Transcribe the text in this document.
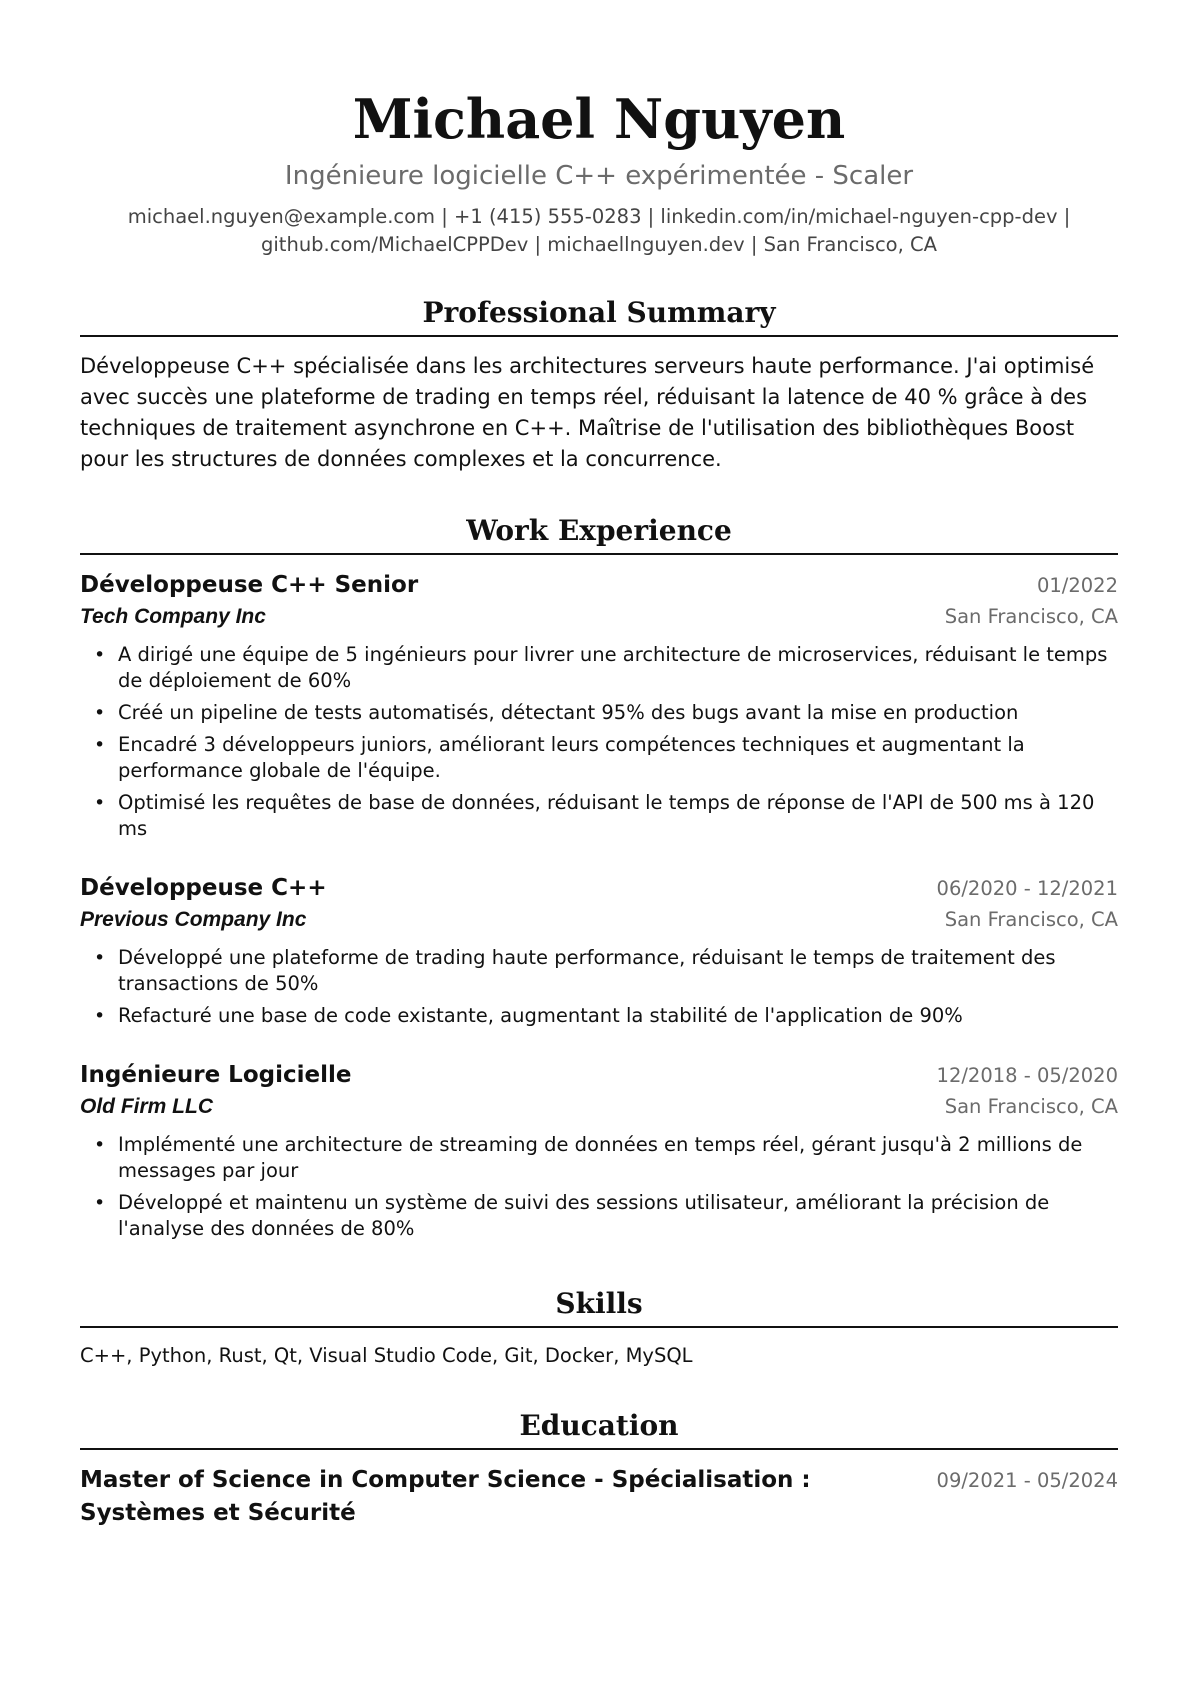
Michael Nguyen
Ingénieure logicielle C++ expérimentée - Scaler
michael.nguyen@example.com | +1 (415) 555-0283 | linkedin.com/in/michael-nguyen-cpp-dev |
github.com/MichaelCPPDev | michaellnguyen.dev | San Francisco, CA
Professional Summary
Développeuse C++ spécialisée dans les architectures serveurs haute performance. J'ai optimisé avec succès une plateforme de trading en temps réel, réduisant la latence de 40 % grâce à des techniques de traitement asynchrone en C++. Maîtrise de l'utilisation des bibliothèques Boost pour les structures de données complexes et la concurrence.
Work Experience
Développeuse C++ Senior	01/2022
Tech Company Inc	San Francisco, CA
• A dirigé une équipe de 5 ingénieurs pour livrer une architecture de microservices, réduisant le temps de déploiement de 60%
• Créé un pipeline de tests automatisés, détectant 95% des bugs avant la mise en production
• Encadré 3 développeurs juniors, améliorant leurs compétences techniques et augmentant la performance globale de l'équipe.
• Optimisé les requêtes de base de données, réduisant le temps de réponse de l'API de 500 ms à 120 ms
Développeuse C++	06/2020 - 12/2021
Previous Company Inc	San Francisco, CA
• Développé une plateforme de trading haute performance, réduisant le temps de traitement des transactions de 50%
• Refacturé une base de code existante, augmentant la stabilité de l'application de 90%
Ingénieure Logicielle	12/2018 - 05/2020
Old Firm LLC	San Francisco, CA
• Implémenté une architecture de streaming de données en temps réel, gérant jusqu'à 2 millions de messages par jour
• Développé et maintenu un système de suivi des sessions utilisateur, améliorant la précision de l'analyse des données de 80%
Skills
C++, Python, Rust, Qt, Visual Studio Code, Git, Docker, MySQL
Education
Master of Science in Computer Science - Spécialisation : Systèmes et Sécurité
09/2021 - 05/2024
